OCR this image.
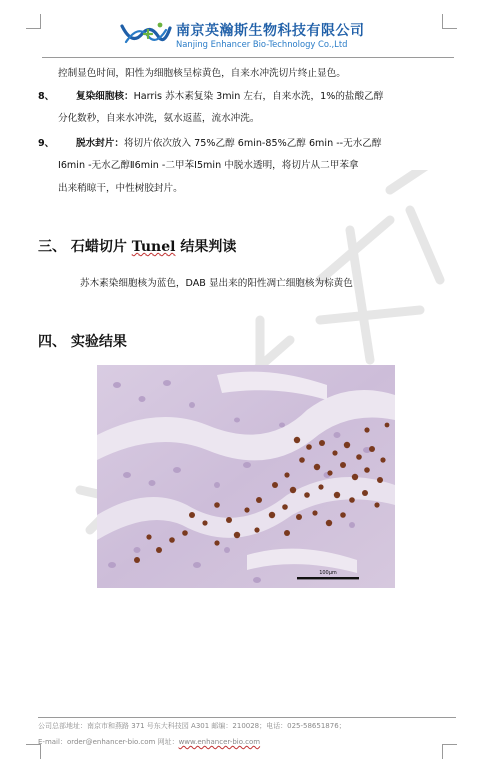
南京英瀚斯生物科技有限公司
Nanjing Enhancer Bio-Technology Co.,Ltd
控制显色时间，阳性为细胞核呈棕黄色，自来水冲洗切片终止显色。
8、 复染细胞核：Harris 苏木素复染 3min 左右，自来水洗，1%的盐酸乙醇
分化数秒，自来水冲洗，氨水返蓝，流水冲洗。
9、 脱水封片：将切片依次放入 75%乙醇 6min-85%乙醇 6min --无水乙醇
Ⅰ6min -无水乙醇Ⅱ6min -二甲苯Ⅰ5min 中脱水透明，将切片从二甲苯拿
出来稍晾干，中性树胶封片。
三、 石蜡切片 Tunel 结果判读
苏木素染细胞核为蓝色，DAB 显出来的阳性凋亡细胞核为棕黄色
四、 实验结果
100μm
公司总部地址：南京市和燕路 371 号东大科技园 A301 邮编：210028；电话：025-58651876；
E-mail：order@enhancer-bio.com 网址：www.enhancer-bio.com
